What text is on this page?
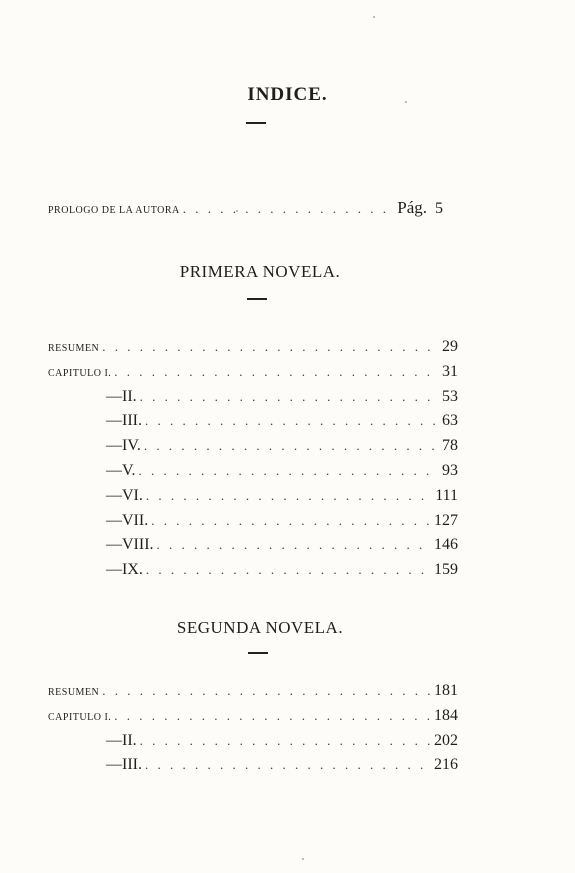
INDICE.
PROLOGO DE LA AUTORA . . .	Pág. 5
PRIMERA NOVELA.
RESUMEN . . .	29
CAPITULO I. . . .	31
—II. . . .	53
—III. . . .	63
—IV. . . .	78
—V. . . .	93
—VI. . . .	111
—VII. . . .	127
—VIII. . . .	146
—IX. . . .	159
SEGUNDA NOVELA.
RESUMEN . . .	181
CAPITULO I. . . .	184
—II. . . .	202
—III. . . .	216
